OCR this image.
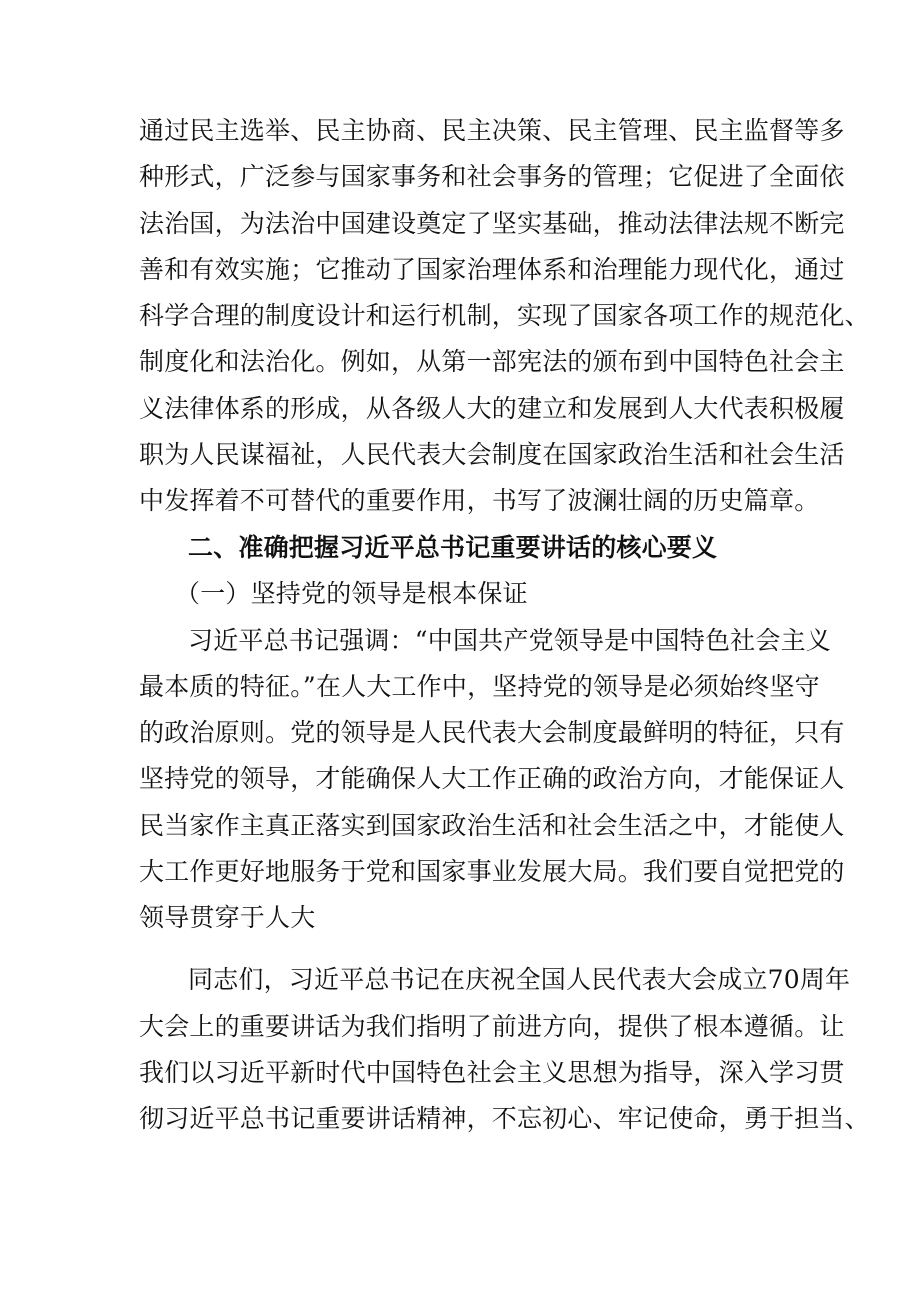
通过民主选举、民主协商、民主决策、民主管理、民主监督等多
种形式，广泛参与国家事务和社会事务的管理；它促进了全面依
法治国，为法治中国建设奠定了坚实基础，推动法律法规不断完
善和有效实施；它推动了国家治理体系和治理能力现代化，通过
科学合理的制度设计和运行机制，实现了国家各项工作的规范化、
制度化和法治化。例如，从第一部宪法的颁布到中国特色社会主
义法律体系的形成，从各级人大的建立和发展到人大代表积极履
职为人民谋福祉，人民代表大会制度在国家政治生活和社会生活
中发挥着不可替代的重要作用，书写了波澜壮阔的历史篇章。
二、准确把握习近平总书记重要讲话的核心要义
（一）坚持党的领导是根本保证
习近平总书记强调：“中国共产党领导是中国特色社会主义
最本质的特征。”在人大工作中，坚持党的领导是必须始终坚守
的政治原则。党的领导是人民代表大会制度最鲜明的特征，只有
坚持党的领导，才能确保人大工作正确的政治方向，才能保证人
民当家作主真正落实到国家政治生活和社会生活之中，才能使人
大工作更好地服务于党和国家事业发展大局。我们要自觉把党的
领导贯穿于人大
同志们，习近平总书记在庆祝全国人民代表大会成立70周年
大会上的重要讲话为我们指明了前进方向，提供了根本遵循。让
我们以习近平新时代中国特色社会主义思想为指导，深入学习贯
彻习近平总书记重要讲话精神，不忘初心、牢记使命，勇于担当、
